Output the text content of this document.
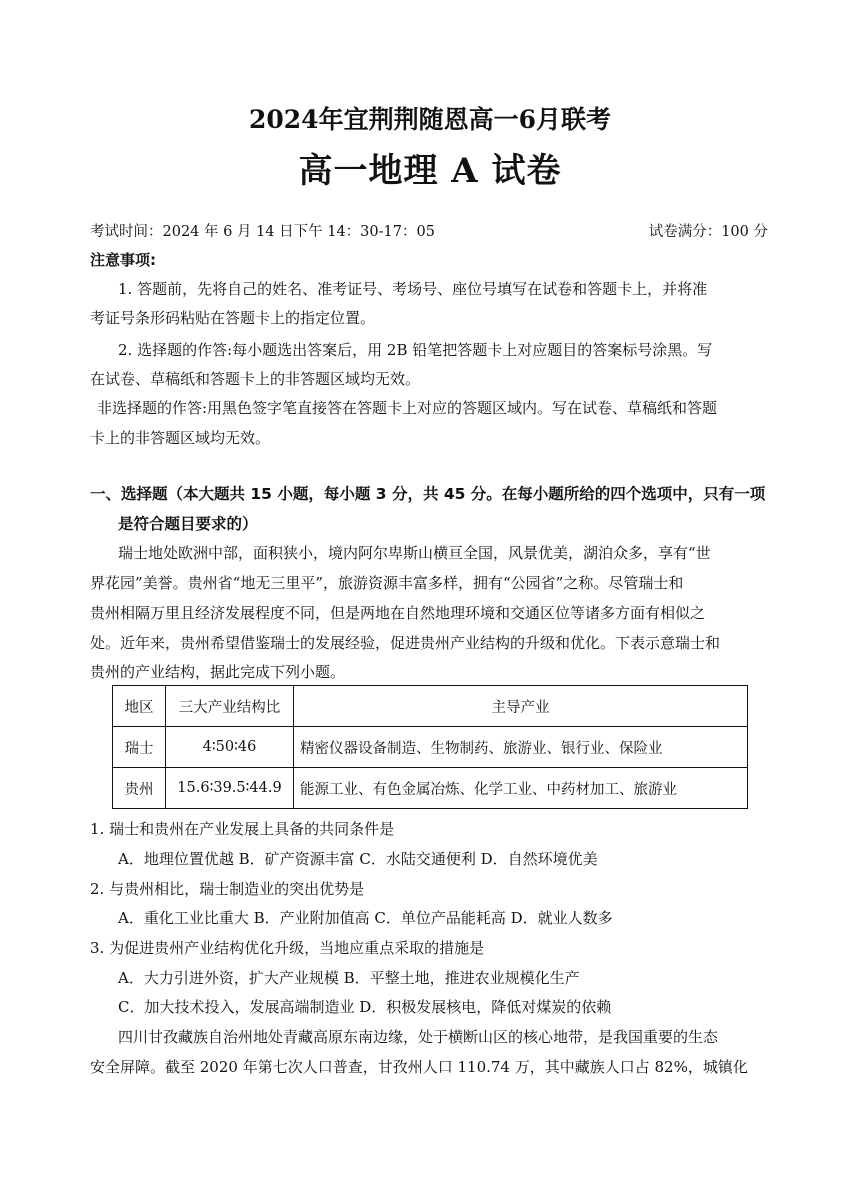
2024年宜荆荆随恩高一6月联考
高一地理 A 试卷
考试时间：2024 年 6 月 14 日下午 14：30-17：05	试卷满分：100 分
注意事项:
1. 答题前，先将自己的姓名、准考证号、考场号、座位号填写在试卷和答题卡上，并将准
考证号条形码粘贴在答题卡上的指定位置。
2. 选择题的作答:每小题选出答案后，用 2B 铅笔把答题卡上对应题目的答案标号涂黑。写
在试卷、草稿纸和答题卡上的非答题区域均无效。
非选择题的作答:用黑色签字笔直接答在答题卡上对应的答题区域内。写在试卷、草稿纸和答题
卡上的非答题区域均无效。
一、选择题（本大题共 15 小题，每小题 3 分，共 45 分。在每小题所给的四个选项中，只有一项
是符合题目要求的）
瑞士地处欧洲中部，面积狭小，境内阿尔卑斯山横亘全国，风景优美，湖泊众多，享有“世
界花园”美誉。贵州省“地无三里平”，旅游资源丰富多样，拥有“公园省”之称。尽管瑞士和
贵州相隔万里且经济发展程度不同，但是两地在自然地理环境和交通区位等诸多方面有相似之
处。近年来，贵州希望借鉴瑞士的发展经验，促进贵州产业结构的升级和优化。下表示意瑞士和
贵州的产业结构，据此完成下列小题。
地区	三大产业结构比	主导产业
瑞士	4∶50∶46	精密仪器设备制造、生物制药、旅游业、银行业、保险业
贵州	15.6∶39.5∶44.9	能源工业、有色金属冶炼、化学工业、中药材加工、旅游业
1. 瑞士和贵州在产业发展上具备的共同条件是
A．地理位置优越 B．矿产资源丰富 C．水陆交通便利 D．自然环境优美
2. 与贵州相比，瑞士制造业的突出优势是
A．重化工业比重大 B．产业附加值高 C．单位产品能耗高 D．就业人数多
3. 为促进贵州产业结构优化升级，当地应重点采取的措施是
A．大力引进外资，扩大产业规模 B．平整土地，推进农业规模化生产
C．加大技术投入，发展高端制造业 D．积极发展核电，降低对煤炭的依赖
四川甘孜藏族自治州地处青藏高原东南边缘，处于横断山区的核心地带，是我国重要的生态
安全屏障。截至 2020 年第七次人口普查，甘孜州人口 110.74 万，其中藏族人口占 82%，城镇化
